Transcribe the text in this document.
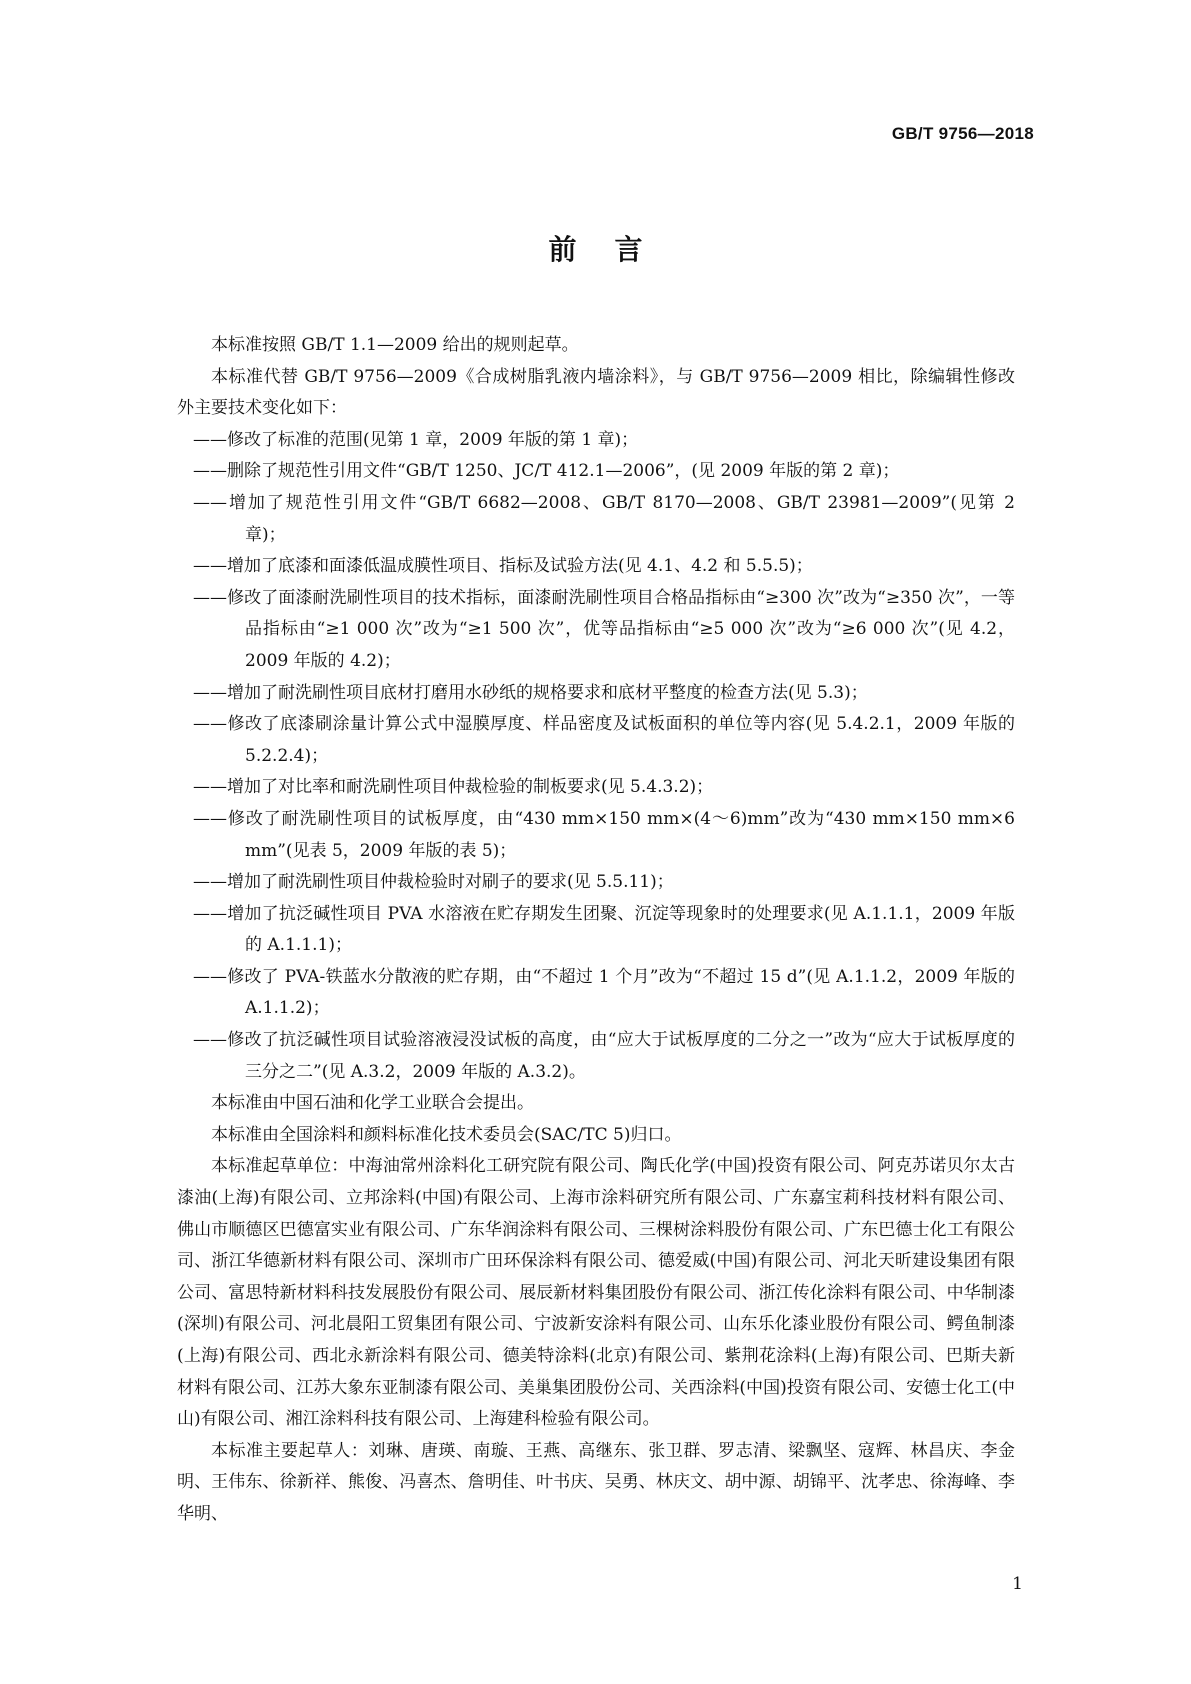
GB/T 9756—2018
前言

本标准按照 GB/T 1.1—2009 给出的规则起草。

本标准代替 GB/T 9756—2009《合成树脂乳液内墙涂料》，与 GB/T 9756—2009 相比，除编辑性修改外主要技术变化如下：

——修改了标准的范围(见第 1 章，2009 年版的第 1 章)；

——删除了规范性引用文件“GB/T 1250、JC/T 412.1—2006”，(见 2009 年版的第 2 章)；

——增加了规范性引用文件“GB/T 6682—2008、GB/T 8170—2008、GB/T 23981—2009”(见第 2 章)；

——增加了底漆和面漆低温成膜性项目、指标及试验方法(见 4.1、4.2 和 5.5.5)；

——修改了面漆耐洗刷性项目的技术指标，面漆耐洗刷性项目合格品指标由“≥300 次”改为“≥350 次”，一等品指标由“≥1 000 次”改为“≥1 500 次”，优等品指标由“≥5 000 次”改为“≥6 000 次”(见 4.2，2009 年版的 4.2)；

——增加了耐洗刷性项目底材打磨用水砂纸的规格要求和底材平整度的检查方法(见 5.3)；

——修改了底漆刷涂量计算公式中湿膜厚度、样品密度及试板面积的单位等内容(见 5.4.2.1，2009 年版的 5.2.2.4)；

——增加了对比率和耐洗刷性项目仲裁检验的制板要求(见 5.4.3.2)；

——修改了耐洗刷性项目的试板厚度，由“430 mm×150 mm×(4～6)mm”改为“430 mm×150 mm×6 mm”(见表 5，2009 年版的表 5)；

——增加了耐洗刷性项目仲裁检验时对刷子的要求(见 5.5.11)；

——增加了抗泛碱性项目 PVA 水溶液在贮存期发生团聚、沉淀等现象时的处理要求(见 A.1.1.1，2009 年版的 A.1.1.1)；

——修改了 PVA-铁蓝水分散液的贮存期，由“不超过 1 个月”改为“不超过 15 d”(见 A.1.1.2，2009 年版的 A.1.1.2)；

——修改了抗泛碱性项目试验溶液浸没试板的高度，由“应大于试板厚度的二分之一”改为“应大于试板厚度的三分之二”(见 A.3.2，2009 年版的 A.3.2)。

本标准由中国石油和化学工业联合会提出。

本标准由全国涂料和颜料标准化技术委员会(SAC/TC 5)归口。

本标准起草单位：中海油常州涂料化工研究院有限公司、陶氏化学(中国)投资有限公司、阿克苏诺贝尔太古漆油(上海)有限公司、立邦涂料(中国)有限公司、上海市涂料研究所有限公司、广东嘉宝莉科技材料有限公司、佛山市顺德区巴德富实业有限公司、广东华润涂料有限公司、三棵树涂料股份有限公司、广东巴德士化工有限公司、浙江华德新材料有限公司、深圳市广田环保涂料有限公司、德爱威(中国)有限公司、河北天昕建设集团有限公司、富思特新材料科技发展股份有限公司、展辰新材料集团股份有限公司、浙江传化涂料有限公司、中华制漆(深圳)有限公司、河北晨阳工贸集团有限公司、宁波新安涂料有限公司、山东乐化漆业股份有限公司、鳄鱼制漆(上海)有限公司、西北永新涂料有限公司、德美特涂料(北京)有限公司、紫荆花涂料(上海)有限公司、巴斯夫新材料有限公司、江苏大象东亚制漆有限公司、美巢集团股份公司、关西涂料(中国)投资有限公司、安德士化工(中山)有限公司、湘江涂料科技有限公司、上海建科检验有限公司。

本标准主要起草人：刘琳、唐瑛、南璇、王燕、高继东、张卫群、罗志清、梁飘坚、寇辉、林昌庆、李金明、王伟东、徐新祥、熊俊、冯喜杰、詹明佳、叶书庆、吴勇、林庆文、胡中源、胡锦平、沈孝忠、徐海峰、李华明、

1
